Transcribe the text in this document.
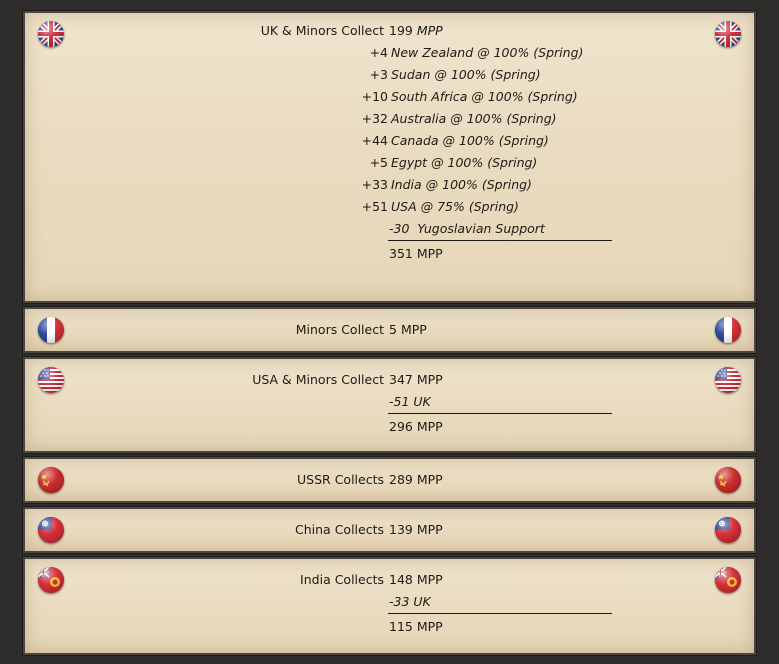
UK & Minors Collect 199 MPP
+4 New Zealand @ 100% (Spring)
+3 Sudan @ 100% (Spring)
+10 South Africa @ 100% (Spring)
+32 Australia @ 100% (Spring)
+44 Canada @ 100% (Spring)
+5 Egypt @ 100% (Spring)
+33 India @ 100% (Spring)
+51 USA @ 75% (Spring)
-30  Yugoslavian Support
351 MPP
Minors Collect 5 MPP
USA & Minors Collect 347 MPP
-51 UK
296 MPP
USSR Collects 289 MPP
China Collects 139 MPP
India Collects 148 MPP
-33 UK
115 MPP
